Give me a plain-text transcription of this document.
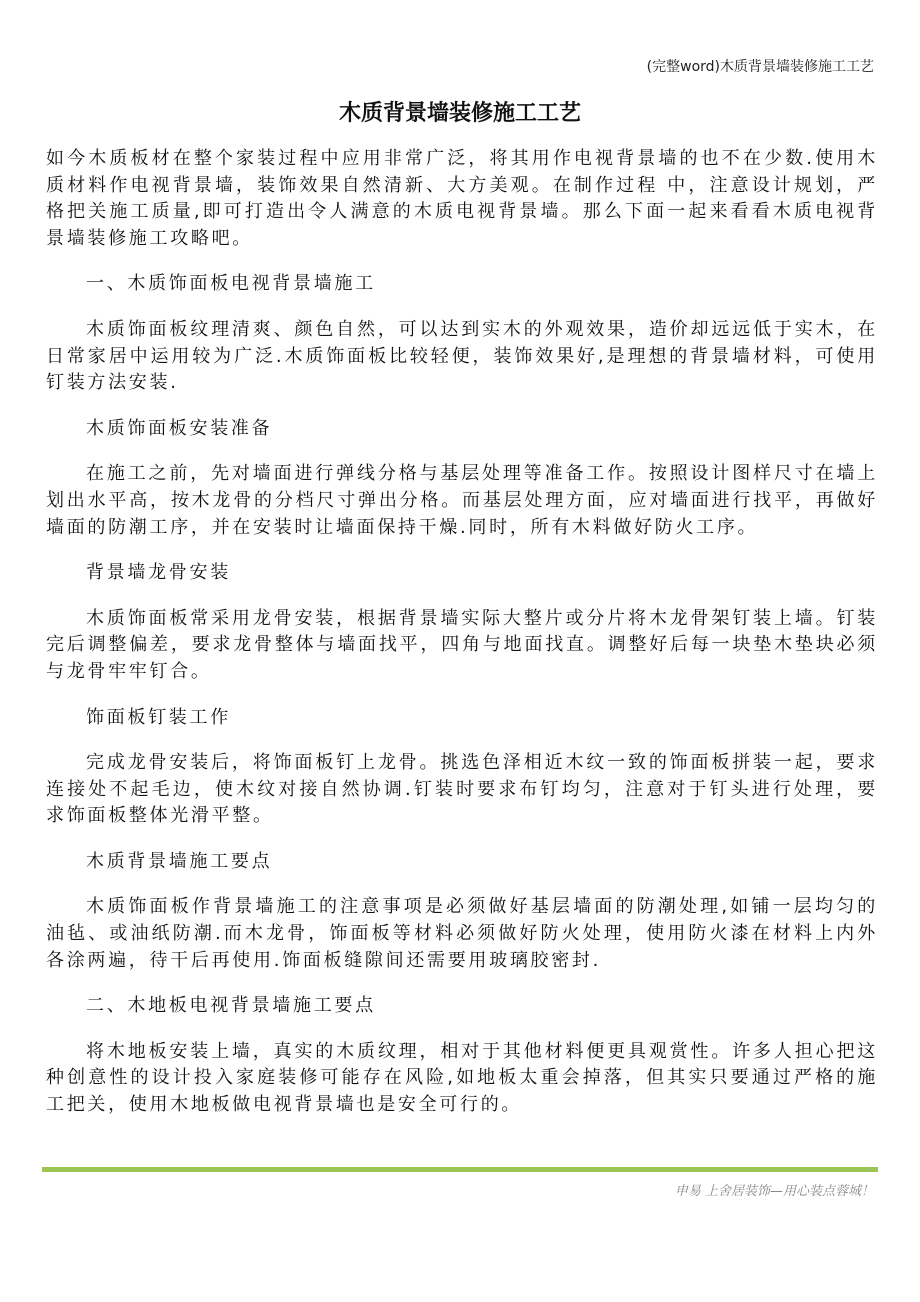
(完整word)木质背景墙装修施工工艺
木质背景墙装修施工工艺

如今木质板材在整个家装过程中应用非常广泛，将其用作电视背景墙的也不在少数.使用木质材料作电视背景墙，装饰效果自然清新、大方美观。在制作过程 中，注意设计规划，严格把关施工质量,即可打造出令人满意的木质电视背景墙。那么下面一起来看看木质电视背景墙装修施工攻略吧。

一、木质饰面板电视背景墙施工

木质饰面板纹理清爽、颜色自然，可以达到实木的外观效果，造价却远远低于实木，在日常家居中运用较为广泛.木质饰面板比较轻便，装饰效果好,是理想的背景墙材料，可使用钉装方法安装.

木质饰面板安装准备

在施工之前，先对墙面进行弹线分格与基层处理等准备工作。按照设计图样尺寸在墙上划出水平高，按木龙骨的分档尺寸弹出分格。而基层处理方面，应对墙面进行找平，再做好墙面的防潮工序，并在安装时让墙面保持干燥.同时，所有木料做好防火工序。

背景墙龙骨安装

木质饰面板常采用龙骨安装，根据背景墙实际大整片或分片将木龙骨架钉装上墙。钉装完后调整偏差，要求龙骨整体与墙面找平，四角与地面找直。调整好后每一块垫木垫块必须与龙骨牢牢钉合。

饰面板钉装工作

完成龙骨安装后，将饰面板钉上龙骨。挑选色泽相近木纹一致的饰面板拼装一起，要求连接处不起毛边，使木纹对接自然协调.钉装时要求布钉均匀，注意对于钉头进行处理，要求饰面板整体光滑平整。

木质背景墙施工要点

木质饰面板作背景墙施工的注意事项是必须做好基层墙面的防潮处理,如铺一层均匀的油毡、或油纸防潮.而木龙骨，饰面板等材料必须做好防火处理，使用防火漆在材料上内外各涂两遍，待干后再使用.饰面板缝隙间还需要用玻璃胶密封.

二、木地板电视背景墙施工要点

将木地板安装上墙，真实的木质纹理，相对于其他材料便更具观赏性。许多人担心把这种创意性的设计投入家庭装修可能存在风险,如地板太重会掉落，但其实只要通过严格的施工把关，使用木地板做电视背景墙也是安全可行的。

申易 上舍居装饰—用心装点蓉城！
